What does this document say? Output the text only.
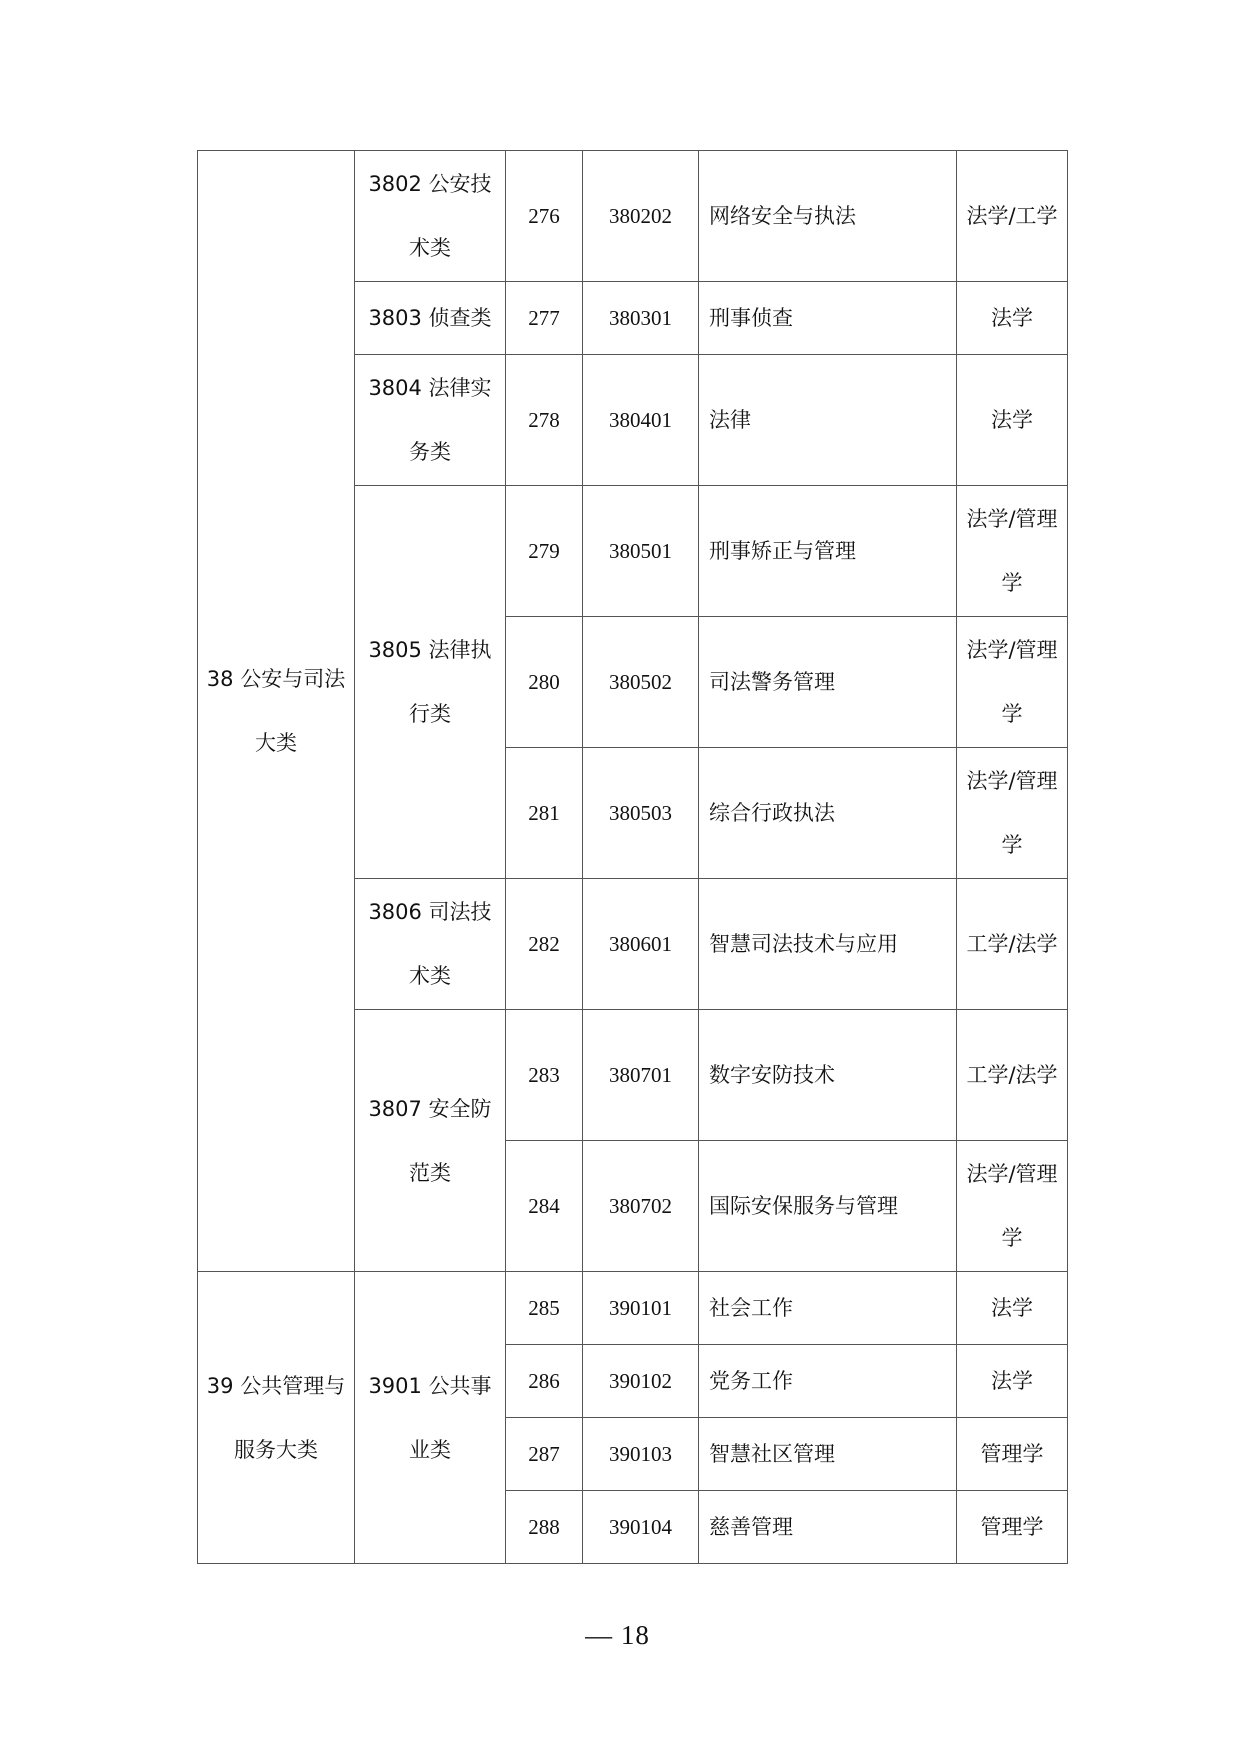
38 公安与司法大类	3802 公安技术类	276	380202	网络安全与执法	法学/工学
	3803 侦查类	277	380301	刑事侦查	法学
	3804 法律实务类	278	380401	法律	法学
	3805 法律执行类	279	380501	刑事矫正与管理	法学/管理学
		280	380502	司法警务管理	法学/管理学
		281	380503	综合行政执法	法学/管理学
	3806 司法技术类	282	380601	智慧司法技术与应用	工学/法学
	3807 安全防范类	283	380701	数字安防技术	工学/法学
		284	380702	国际安保服务与管理	法学/管理学
39 公共管理与服务大类	3901 公共事业类	285	390101	社会工作	法学
		286	390102	党务工作	法学
		287	390103	智慧社区管理	管理学
		288	390104	慈善管理	管理学
— 18
